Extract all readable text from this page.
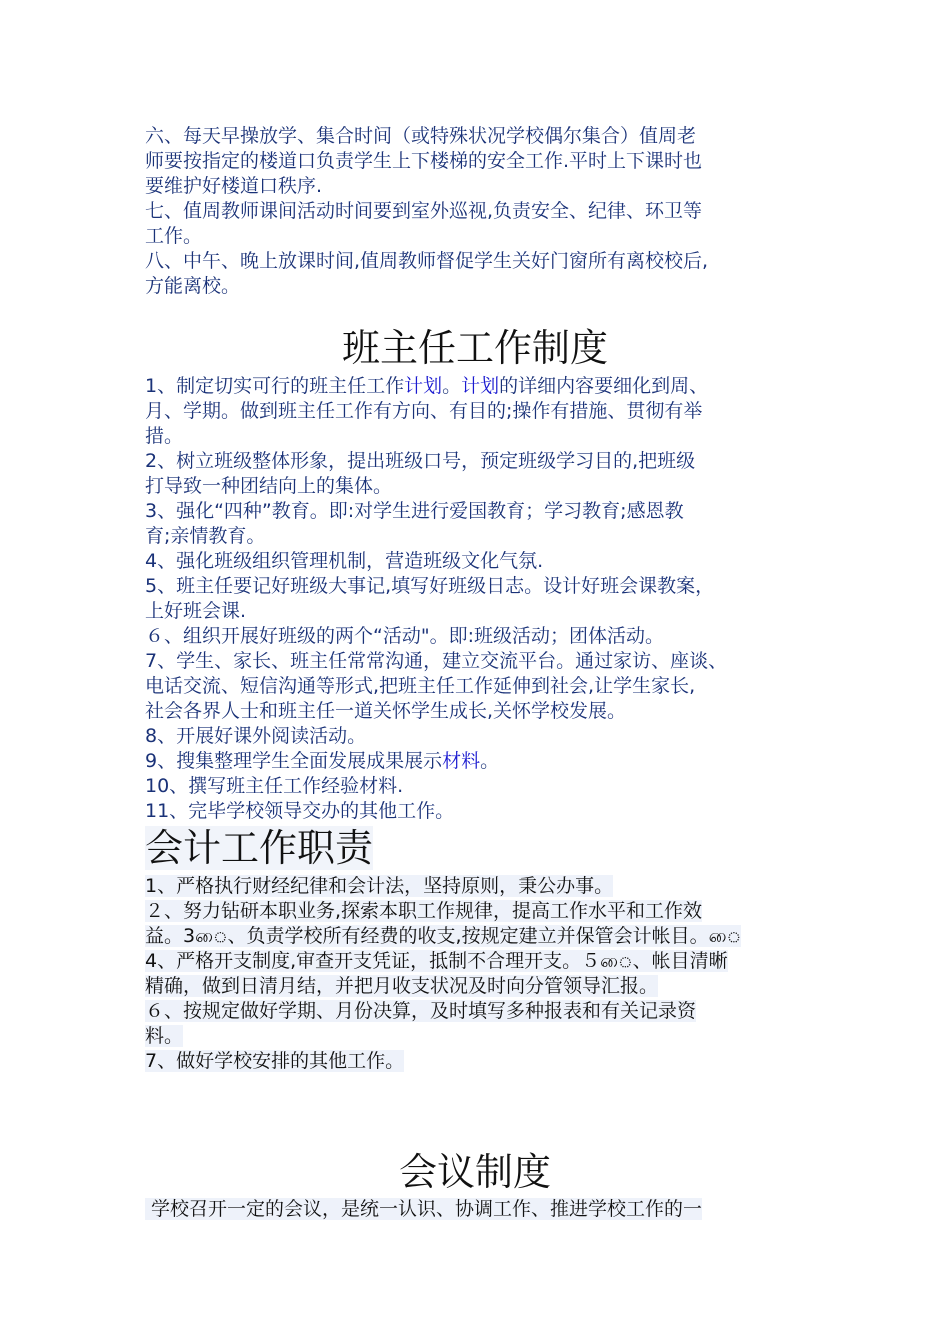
六、每天早操放学、集合时间（或特殊状况学校偶尔集合）值周老
师要按指定的楼道口负责学生上下楼梯的安全工作.平时上下课时也
要维护好楼道口秩序.
七、值周教师课间活动时间要到室外巡视,负责安全、纪律、环卫等
工作。
八、中午、晚上放课时间,值周教师督促学生关好门窗所有离校校后,
方能离校。
班主任工作制度
1、制定切实可行的班主任工作计划。计划的详细内容要细化到周、
月、学期。做到班主任工作有方向、有目的;操作有措施、贯彻有举
措。
2、树立班级整体形象，提出班级口号，预定班级学习目的,把班级
打导致一种团结向上的集体。
3、强化“四种”教育。即:对学生进行爱国教育；学习教育;感恩教
育;亲情教育。
4、强化班级组织管理机制，营造班级文化气氛.
5、班主任要记好班级大事记,填写好班级日志。设计好班会课教案，
上好班会课.
６、组织开展好班级的两个“活动"。即:班级活动；团体活动。
7、学生、家长、班主任常常沟通，建立交流平台。通过家访、座谈、
电话交流、短信沟通等形式,把班主任工作延伸到社会,让学生家长,
社会各界人士和班主任一道关怀学生成长,关怀学校发展。
8、开展好课外阅读活动。
9、搜集整理学生全面发展成果展示材料。
10、撰写班主任工作经验材料.
11、完毕学校领导交办的其他工作。
会计工作职责
1、严格执行财经纪律和会计法，坚持原则，秉公办事。
２、努力钻研本职业务,探索本职工作规律，提高工作水平和工作效
益。3ை、负责学校所有经费的收支,按规定建立并保管会计帐目。ை
4、严格开支制度,审查开支凭证，抵制不合理开支。５ை、帐目清晰
精确，做到日清月结，并把月收支状况及时向分管领导汇报。
６、按规定做好学期、月份决算，及时填写多种报表和有关记录资
料。
7、做好学校安排的其他工作。
会议制度
学校召开一定的会议，是统一认识、协调工作、推进学校工作的一
